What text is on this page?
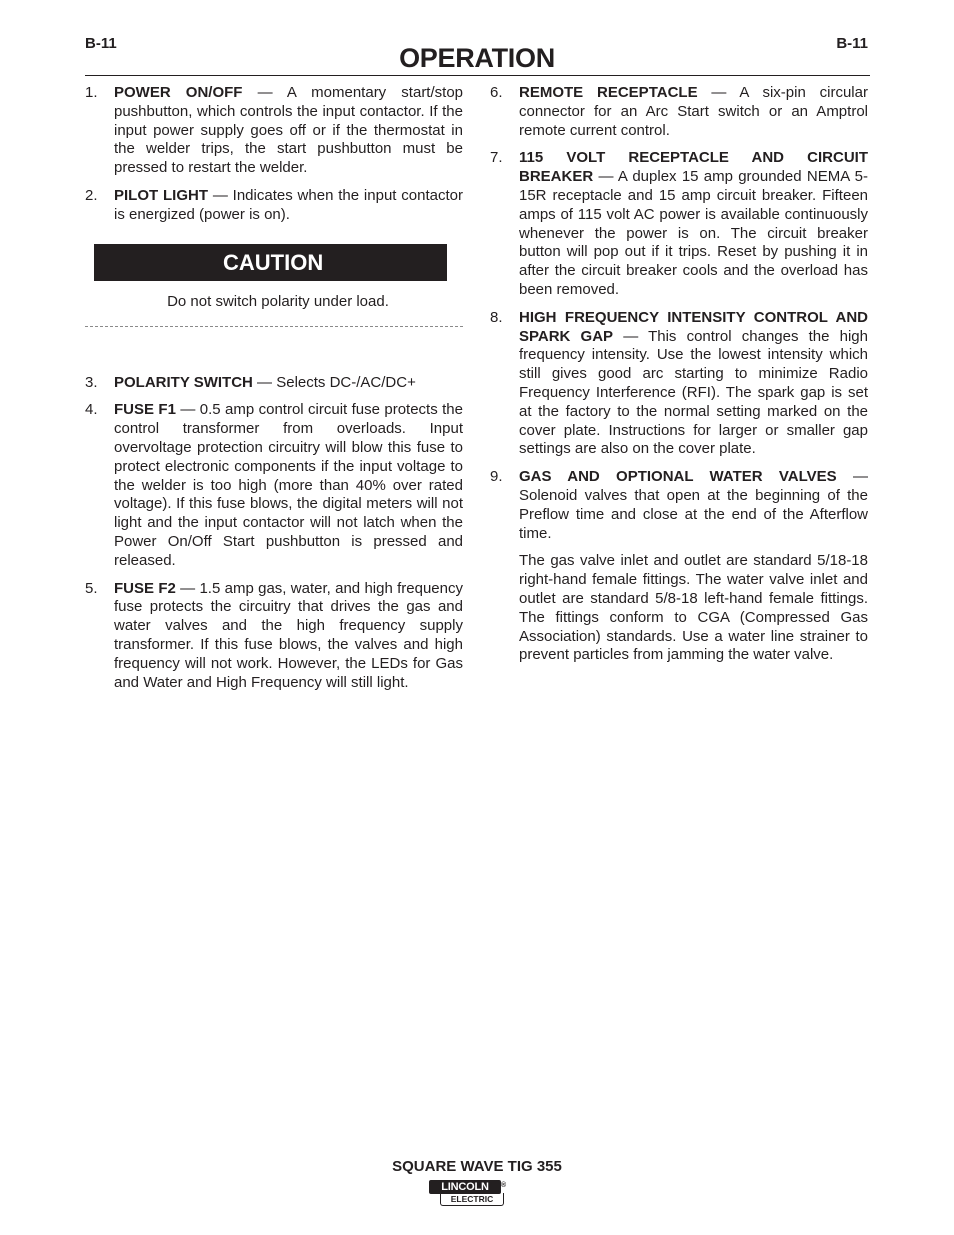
B-11	B-11
OPERATION
1.	POWER ON/OFF — A momentary start/stop pushbutton, which controls the input contactor. If the input power supply goes off or if the thermostat in the welder trips, the start pushbutton must be pressed to restart the welder.
2.	PILOT LIGHT — Indicates when the input contactor is energized (power is on).
CAUTION
Do not switch polarity under load.
3.	POLARITY SWITCH — Selects DC-/AC/DC+
4.	FUSE F1 — 0.5 amp control circuit fuse protects the control transformer from overloads. Input overvoltage protection circuitry will blow this fuse to protect electronic components if the input voltage to the welder is too high (more than 40% over rated voltage). If this fuse blows, the digital meters will not light and the input contactor will not latch when the Power On/Off Start pushbutton is pressed and released.
5.	FUSE F2 — 1.5 amp gas, water, and high frequency fuse protects the circuitry that drives the gas and water valves and the high frequency supply transformer. If this fuse blows, the valves and high frequency will not work. However, the LEDs for Gas and Water and High Frequency will still light.
6.	REMOTE RECEPTACLE — A six-pin circular connector for an Arc Start switch or an Amptrol remote current control.
7.	115 VOLT RECEPTACLE AND CIRCUIT BREAKER — A duplex 15 amp grounded NEMA 5-15R receptacle and 15 amp circuit breaker. Fifteen amps of 115 volt AC power is available continuously whenever the power is on. The circuit breaker button will pop out if it trips. Reset by pushing it in after the circuit breaker cools and the overload has been removed.
8.	HIGH FREQUENCY INTENSITY CONTROL AND SPARK GAP — This control changes the high frequency intensity. Use the lowest intensity which still gives good arc starting to minimize Radio Frequency Interference (RFI). The spark gap is set at the factory to the normal setting marked on the cover plate. Instructions for larger or smaller gap settings are also on the cover plate.
9.	GAS AND OPTIONAL WATER VALVES — Solenoid valves that open at the beginning of the Preflow time and close at the end of the Afterflow time.
The gas valve inlet and outlet are standard 5/18-18 right-hand female fittings. The water valve inlet and outlet are standard 5/8-18 left-hand female fittings. The fittings conform to CGA (Compressed Gas Association) standards. Use a water line strainer to prevent particles from jamming the water valve.
SQUARE WAVE TIG 355
LINCOLN
ELECTRIC
®
